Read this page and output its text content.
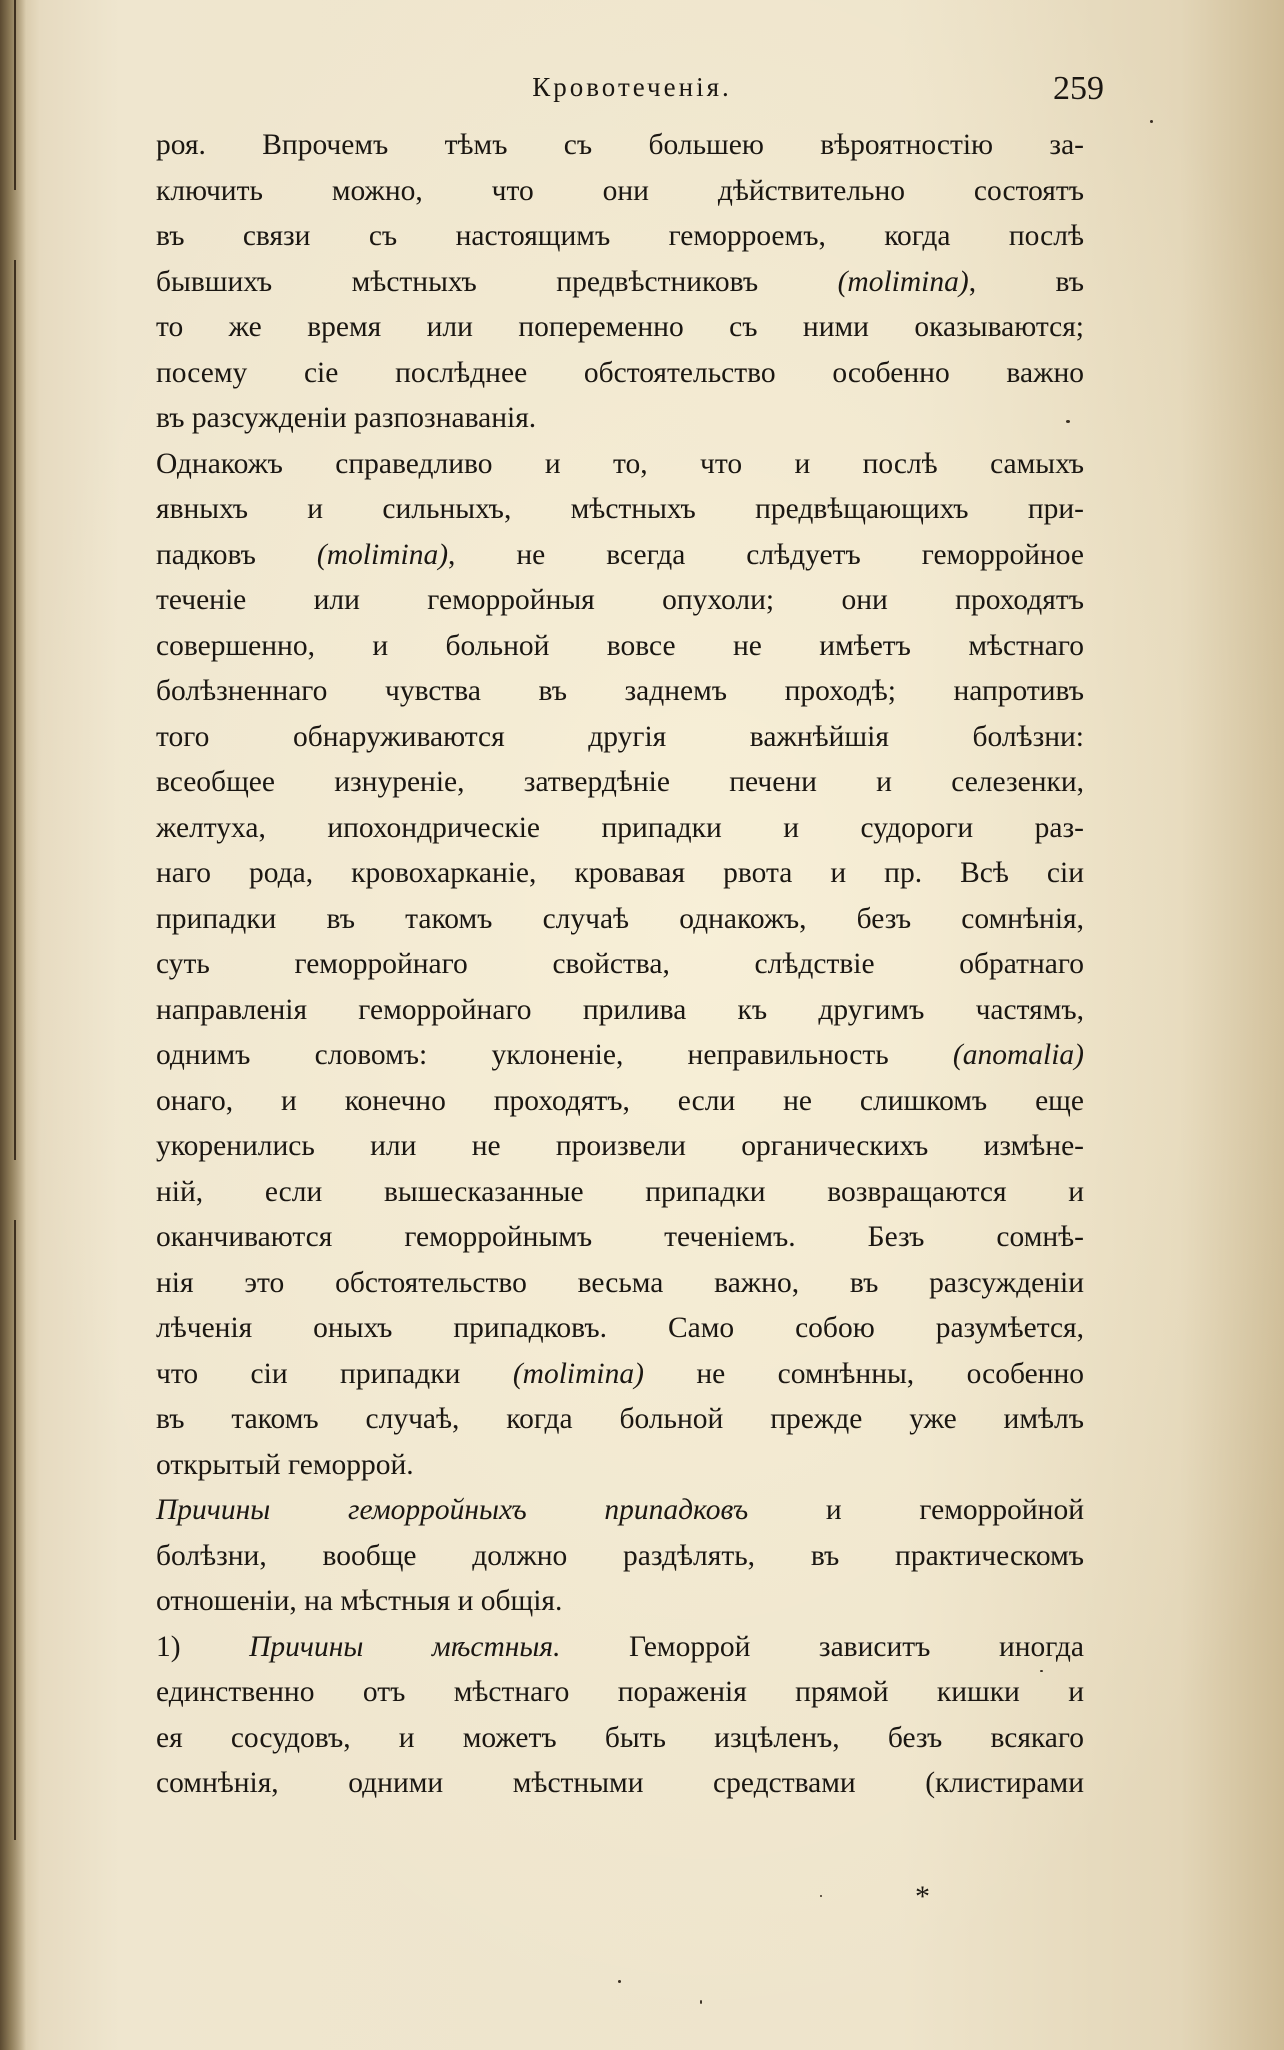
Кровотеченія.	259
роя. Впрочемъ тѣмъ съ большею вѣроятностію за-
ключить можно, что они дѣйствительно состоятъ
въ связи съ настоящимъ геморроемъ, когда послѣ
бывшихъ мѣстныхъ предвѣстниковъ (molimina), въ
то же время или попеременно съ ними оказываются;
посему сіе послѣднее обстоятельство особенно важно
въ разсужденіи разпознаванія.
Однакожъ справедливо и то, что и послѣ самыхъ
явныхъ и сильныхъ, мѣстныхъ предвѣщающихъ при-
падковъ (molimina), не всегда слѣдуетъ геморройное
теченіе или геморройныя опухоли; они проходятъ
совершенно, и больной вовсе не имѣетъ мѣстнаго
болѣзненнаго чувства въ заднемъ проходѣ; напротивъ
того обнаруживаются другія важнѣйшія болѣзни:
всеобщее изнуреніе, затвердѣніе печени и селезенки,
желтуха, ипохондрическіе припадки и судороги раз-
наго рода, кровохарканіе, кровавая рвота и пр. Всѣ сіи
припадки въ такомъ случаѣ однакожъ, безъ сомнѣнія,
суть геморройнаго свойства, слѣдствіе обратнаго
направленія геморройнаго прилива къ другимъ частямъ,
однимъ словомъ: уклоненіе, неправильность (anomalia)
онаго, и конечно проходятъ, если не слишкомъ еще
укоренились или не произвели органическихъ измѣне-
ній, если вышесказанные припадки возвращаются и
оканчиваются геморройнымъ теченіемъ. Безъ сомнѣ-
нія это обстоятельство весьма важно, въ разсужденіи
лѣченія оныхъ припадковъ. Само собою разумѣется,
что сіи припадки (molimina) не сомнѣнны, особенно
въ такомъ случаѣ, когда больной прежде уже имѣлъ
открытый геморрой.
Причины геморройныхъ припадковъ и геморройной
болѣзни, вообще должно раздѣлять, въ практическомъ
отношеніи, на мѣстныя и общія.
1) Причины мѣстныя. Геморрой зависитъ иногда
единственно отъ мѣстнаго пораженія прямой кишки и
ея сосудовъ, и можетъ быть изцѣленъ, безъ всякаго
сомнѣнія, одними мѣстными средствами (клистирами
*
